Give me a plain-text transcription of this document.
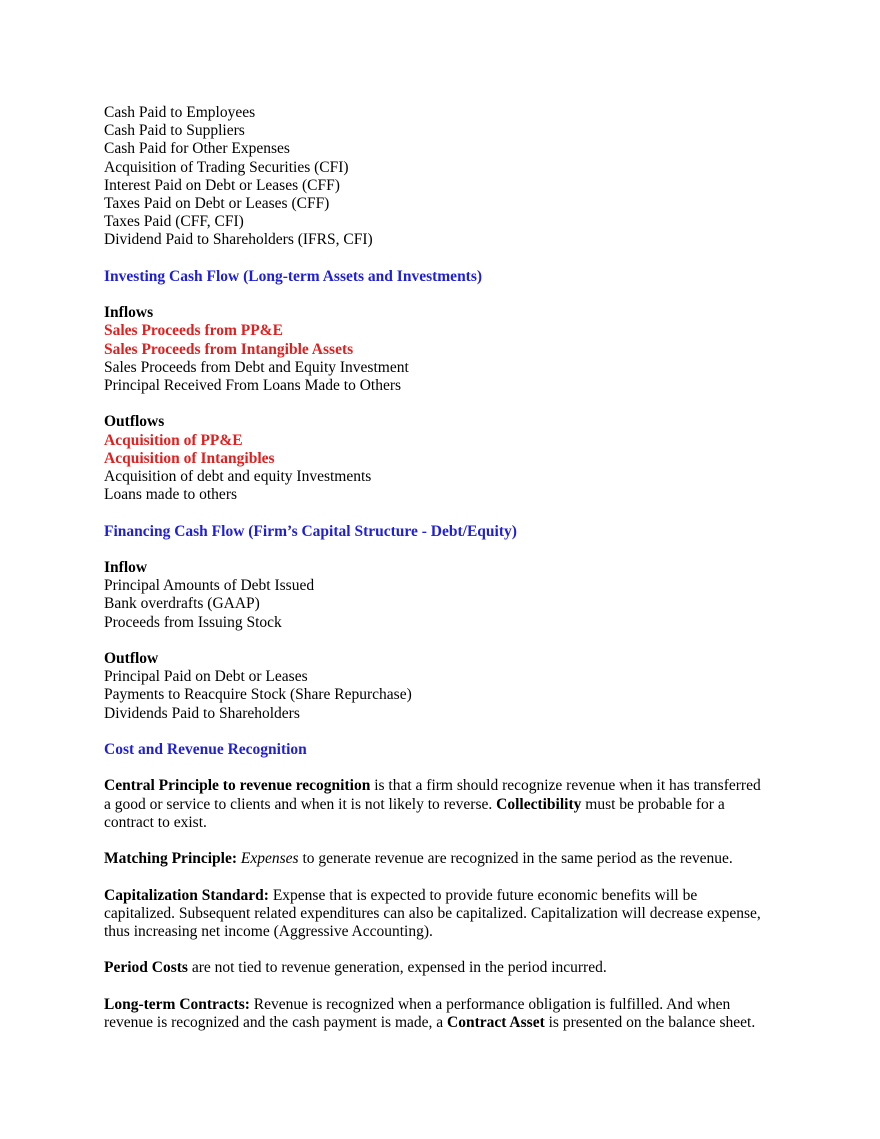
Cash Paid to Employees
Cash Paid to Suppliers
Cash Paid for Other Expenses
Acquisition of Trading Securities (CFI)
Interest Paid on Debt or Leases (CFF)
Taxes Paid on Debt or Leases (CFF)
Taxes Paid (CFF, CFI)
Dividend Paid to Shareholders (IFRS, CFI)
Investing Cash Flow (Long-term Assets and Investments)
Inflows
Sales Proceeds from PP&E
Sales Proceeds from Intangible Assets
Sales Proceeds from Debt and Equity Investment
Principal Received From Loans Made to Others
Outflows
Acquisition of PP&E
Acquisition of Intangibles
Acquisition of debt and equity Investments
Loans made to others
Financing Cash Flow (Firm’s Capital Structure - Debt/Equity)
Inflow
Principal Amounts of Debt Issued
Bank overdrafts (GAAP)
Proceeds from Issuing Stock
Outflow
Principal Paid on Debt or Leases
Payments to Reacquire Stock (Share Repurchase)
Dividends Paid to Shareholders
Cost and Revenue Recognition
Central Principle to revenue recognition is that a firm should recognize revenue when it has transferred
a good or service to clients and when it is not likely to reverse. Collectibility must be probable for a
contract to exist.
Matching Principle: Expenses to generate revenue are recognized in the same period as the revenue.
Capitalization Standard: Expense that is expected to provide future economic benefits will be
capitalized. Subsequent related expenditures can also be capitalized. Capitalization will decrease expense,
thus increasing net income (Aggressive Accounting).
Period Costs are not tied to revenue generation, expensed in the period incurred.
Long-term Contracts: Revenue is recognized when a performance obligation is fulfilled. And when
revenue is recognized and the cash payment is made, a Contract Asset is presented on the balance sheet.
